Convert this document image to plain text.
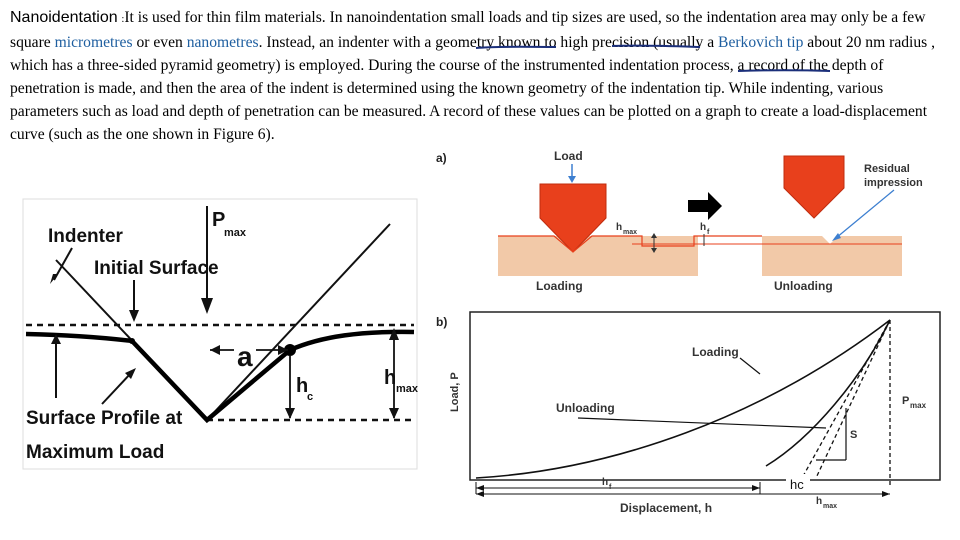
Nanoidentation :It is used for thin film materials. In nanoindentation small loads and tip sizes are used, so the indentation area may only be a few square micrometres or even nanometres. Instead, an indenter with a geometry known to high precision (usually a Berkovich tip about 20 nm radius , which has a three-sided pyramid geometry) is employed. During the course of the instrumented indentation process, a record of the depth of penetration is made, and then the area of the indent is determined using the known geometry of the indentation tip. While indenting, various parameters such as load and depth of penetration can be measured. A record of these values can be plotted on a graph to create a load-displacement curve (such as the one shown in Figure 6).

P
max
Indenter
Initial Surface
a
h
c
h max
Surface Profile at
Maximum Load
a)	Load
h max	h f
Residual
impression
Loading	Unloading
b)
Load, P
S
Loading
Unloading	P max
hc
h f
h max
Displacement, h
